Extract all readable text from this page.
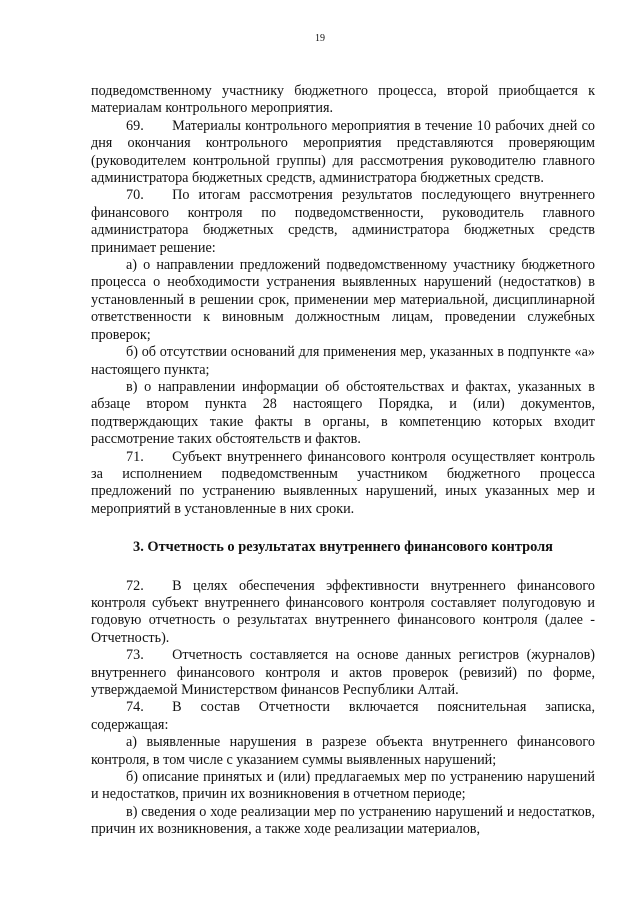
19

подведомственному участнику бюджетного процесса, второй приобщается к материалам контрольного мероприятия.

69.  Материалы контрольного мероприятия в течение 10 рабочих дней со дня окончания контрольного мероприятия представляются проверяющим (руководителем контрольной группы) для рассмотрения руководителю главного администратора бюджетных средств, администратора бюджетных средств.

70.  По итогам рассмотрения результатов последующего внутреннего финансового контроля по подведомственности, руководитель главного администратора бюджетных средств, администратора бюджетных средств принимает решение:

а) о направлении предложений подведомственному участнику бюджетного процесса о необходимости устранения выявленных нарушений (недостатков) в установленный в решении срок, применении мер материальной, дисциплинарной ответственности к виновным должностным лицам, проведении служебных проверок;

б) об отсутствии оснований для применения мер, указанных в подпункте «а» настоящего пункта;

в) о направлении информации об обстоятельствах и фактах, указанных в абзаце втором пункта 28 настоящего Порядка, и (или) документов, подтверждающих такие факты в органы, в компетенцию которых входит рассмотрение таких обстоятельств и фактов.

71.  Субъект внутреннего финансового контроля осуществляет контроль за исполнением подведомственным участником бюджетного процесса предложений по устранению выявленных нарушений, иных указанных мер и мероприятий в установленные в них сроки.

3. Отчетность о результатах внутреннего финансового контроля

72.  В целях обеспечения эффективности внутреннего финансового контроля субъект внутреннего финансового контроля составляет полугодовую и годовую отчетность о результатах внутреннего финансового контроля (далее - Отчетность).

73.  Отчетность составляется на основе данных регистров (журналов) внутреннего финансового контроля и актов проверок (ревизий) по форме, утверждаемой Министерством финансов Республики Алтай.

74.  В состав Отчетности включается пояснительная записка, содержащая:

а) выявленные нарушения в разрезе объекта внутреннего финансового контроля, в том числе с указанием суммы выявленных нарушений;

б) описание принятых и (или) предлагаемых мер по устранению нарушений и недостатков, причин их возникновения в отчетном периоде;

в) сведения о ходе реализации мер по устранению нарушений и недостатков, причин их возникновения, а также ходе реализации материалов,
